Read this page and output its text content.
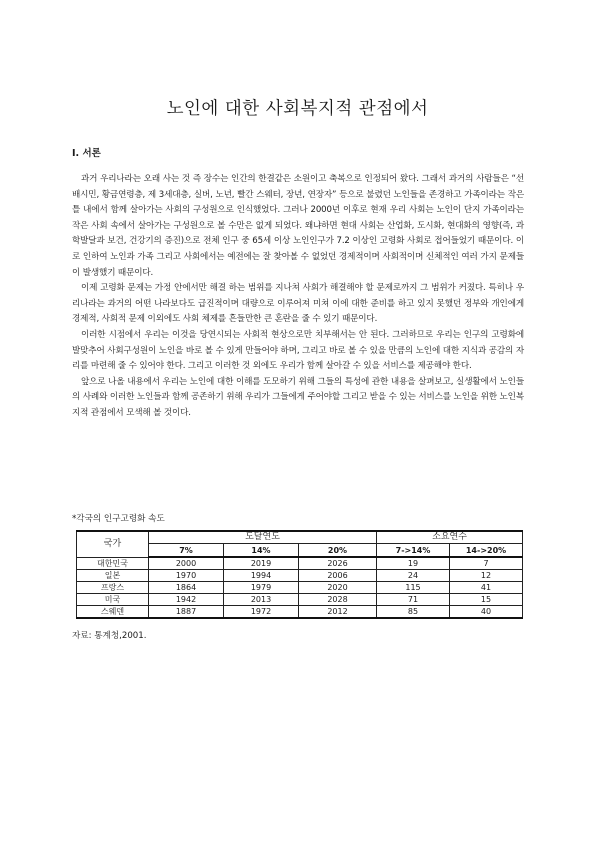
노인에 대한 사회복지적 관점에서
I. 서론

과거 우리나라는 오래 사는 것 즉 장수는 인간의 한결같은 소원이고 축복으로 인정되어 왔다. 그래서 과거의 사람들은 “선배시민, 황금연령층, 제 3세대층, 실버, 노년, 빨간 스웨터, 장년, 연장자” 등으로 불렸던 노인들을 존경하고 가족이라는 작은 틀 내에서 함께 살아가는 사회의 구성원으로 인식했었다. 그러나 2000년 이후로 현재 우리 사회는 노인이 단지 가족이라는 작은 사회 속에서 살아가는 구성원으로 볼 수만은 없게 되었다. 왜냐하면 현대 사회는 산업화, 도시화, 현대화의 영향(즉, 과학발달과 보건, 건강기의 증진)으로 전체 인구 중 65세 이상 노인인구가 7.2 이상인 고령화 사회로 접어들었기 때문이다. 이로 인하여 노인과 가족 그리고 사회에서는 예전에는 잘 찾아볼 수 없었던 경제적이며 사회적이며 신체적인 여러 가지 문제들이 발생했기 때문이다.

이제 고령화 문제는 가정 안에서만 해결 하는 범위를 지나쳐 사회가 해결해야 할 문제로까지 그 범위가 커졌다. 특히나 우리나라는 과거의 어떤 나라보다도 급진적이며 대량으로 이루어져 미쳐 이에 대한 준비를 하고 있지 못했던 정부와 개인에게 경제적, 사회적 문제 이외에도 사회 체제를 흔들만한 큰 혼란을 줄 수 있기 때문이다.

이러한 시점에서 우리는 이것을 당연시되는 사회적 현상으로만 치부해서는 안 된다. 그러하므로 우리는 인구의 고령화에 발맞추어 사회구성원이 노인을 바로 볼 수 있게 만들어야 하며, 그리고 바로 볼 수 있을 만큼의 노인에 대한 지식과 공감의 자리를 마련해 줄 수 있어야 한다. 그리고 이러한 것 외에도 우리가 함께 살아갈 수 있을 서비스를 제공해야 한다.

앞으로 나올 내용에서 우리는 노인에 대한 이해를 도모하기 위해 그들의 특성에 관한 내용을 살펴보고, 실생활에서 노인들의 사례와 이러한 노인들과 함께 공존하기 위해 우리가 그들에게 주어야할 그리고 받을 수 있는 서비스를 노인을 위한 노인복지적 관점에서 모색해 볼 것이다.

*각국의 인구고령화 속도
국가	도달연도			소요연수	
	7%	14%	20%	7->14%	14->20%
대한민국	2000	2019	2026	19	7
일본	1970	1994	2006	24	12
프랑스	1864	1979	2020	115	41
미국	1942	2013	2028	71	15
스웨덴	1887	1972	2012	85	40
자료: 통계청,2001.
